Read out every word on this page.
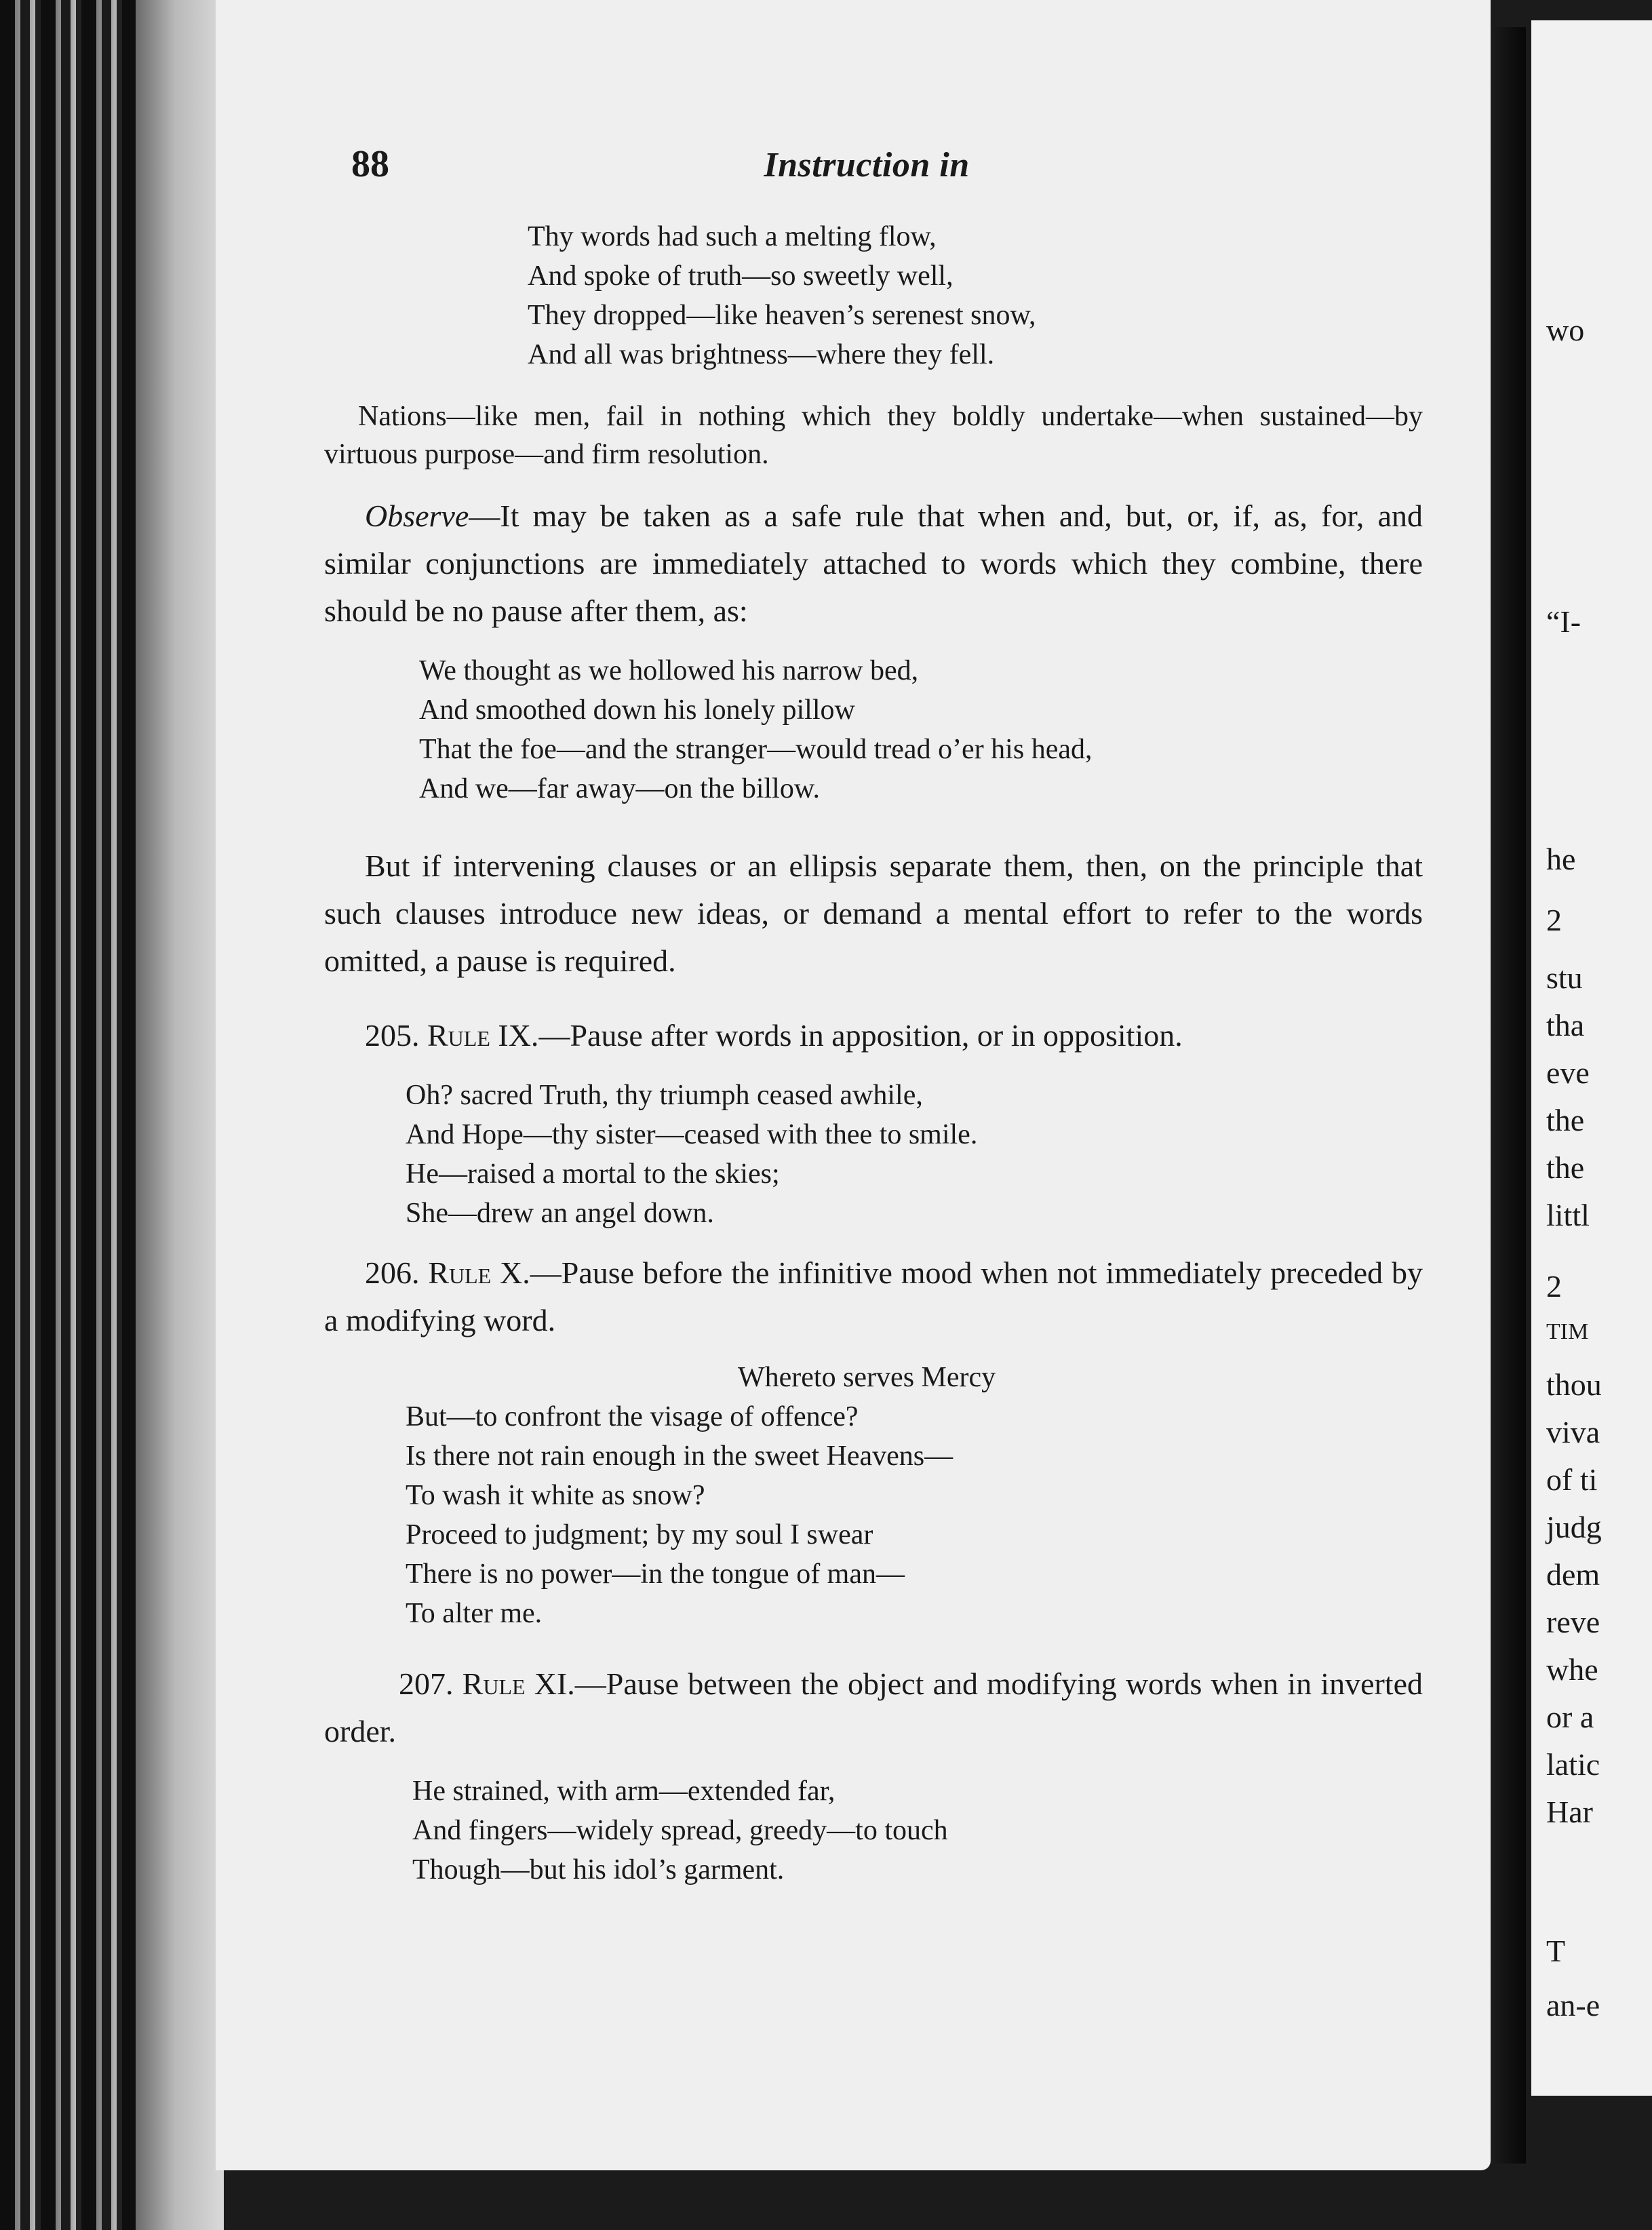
wo
“I-
he
2
stu
tha
eve
the
the
littl
2
TIM
thou
viva
of ti
judg
dem
reve
whe
or a
latic
Har
T
an-e
88	Instruction in
Thy words had such a melting flow,
And spoke of truth—so sweetly well,
They dropped—like heaven’s serenest snow,
And all was brightness—where they fell.

Nations—like men, fail in nothing which they boldly undertake—when sustained—by virtuous purpose—and firm resolution.

Observe—It may be taken as a safe rule that when and, but, or, if, as, for, and similar conjunctions are immediately attached to words which they combine, there should be no pause after them, as:

We thought as we hollowed his narrow bed,
And smoothed down his lonely pillow
That the foe—and the stranger—would tread o’er his head,
And we—far away—on the billow.

But if intervening clauses or an ellipsis separate them, then, on the principle that such clauses introduce new ideas, or demand a mental effort to refer to the words omitted, a pause is required.

205. Rule IX.—Pause after words in apposition, or in opposition.

Oh? sacred Truth, thy triumph ceased awhile,
And Hope—thy sister—ceased with thee to smile.
He—raised a mortal to the skies;
She—drew an angel down.

206. Rule X.—Pause before the infinitive mood when not immediately preceded by a modifying word.

Whereto serves Mercy
But—to confront the visage of offence?
Is there not rain enough in the sweet Heavens—
To wash it white as snow?
Proceed to judgment; by my soul I swear
There is no power—in the tongue of man—
To alter me.

207. Rule XI.—Pause between the object and modifying words when in inverted order.

He strained, with arm—extended far,
And fingers—widely spread, greedy—to touch
Though—but his idol’s garment.
